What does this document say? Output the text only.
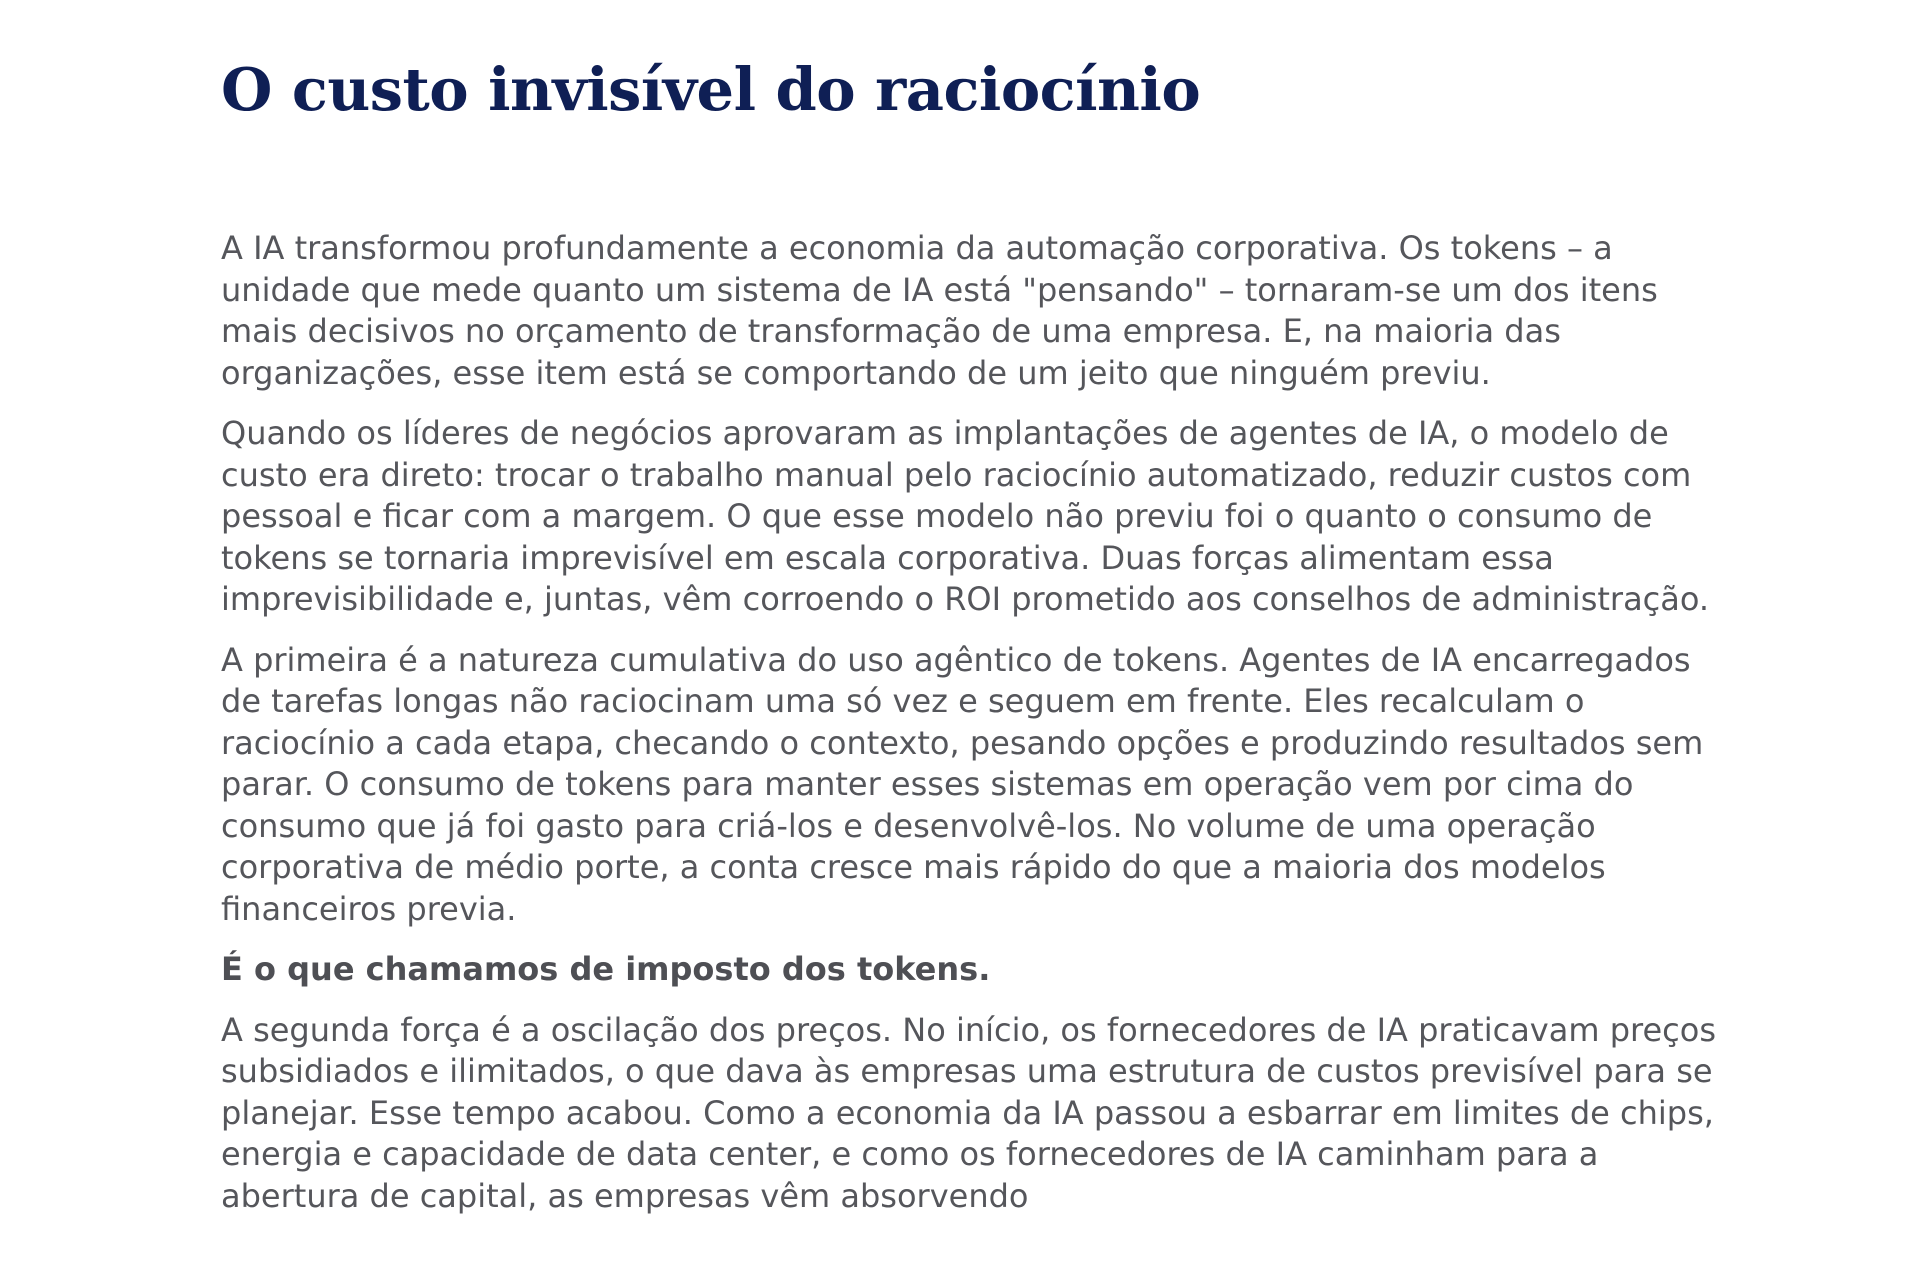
O custo invisível do raciocínio

A IA transformou profundamente a economia da automação corporativa. Os tokens – a unidade que mede quanto um sistema de IA está "pensando" – tornaram-se um dos itens mais decisivos no orçamento de transformação de uma empresa. E, na maioria das organizações, esse item está se comportando de um jeito que ninguém previu.

Quando os líderes de negócios aprovaram as implantações de agentes de IA, o modelo de custo era direto: trocar o trabalho manual pelo raciocínio automatizado, reduzir custos com pessoal e ficar com a margem. O que esse modelo não previu foi o quanto o consumo de tokens se tornaria imprevisível em escala corporativa. Duas forças alimentam essa imprevisibilidade e, juntas, vêm corroendo o ROI prometido aos conselhos de administração.

A primeira é a natureza cumulativa do uso agêntico de tokens. Agentes de IA encarregados de tarefas longas não raciocinam uma só vez e seguem em frente. Eles recalculam o raciocínio a cada etapa, checando o contexto, pesando opções e produzindo resultados sem parar. O consumo de tokens para manter esses sistemas em operação vem por cima do consumo que já foi gasto para criá-los e desenvolvê-los. No volume de uma operação corporativa de médio porte, a conta cresce mais rápido do que a maioria dos modelos financeiros previa.

É o que chamamos de imposto dos tokens.

A segunda força é a oscilação dos preços. No início, os fornecedores de IA praticavam preços subsidiados e ilimitados, o que dava às empresas uma estrutura de custos previsível para se planejar. Esse tempo acabou. Como a economia da IA passou a esbarrar em limites de chips, energia e capacidade de data center, e como os fornecedores de IA caminham para a abertura de capital, as empresas vêm absorvendo
